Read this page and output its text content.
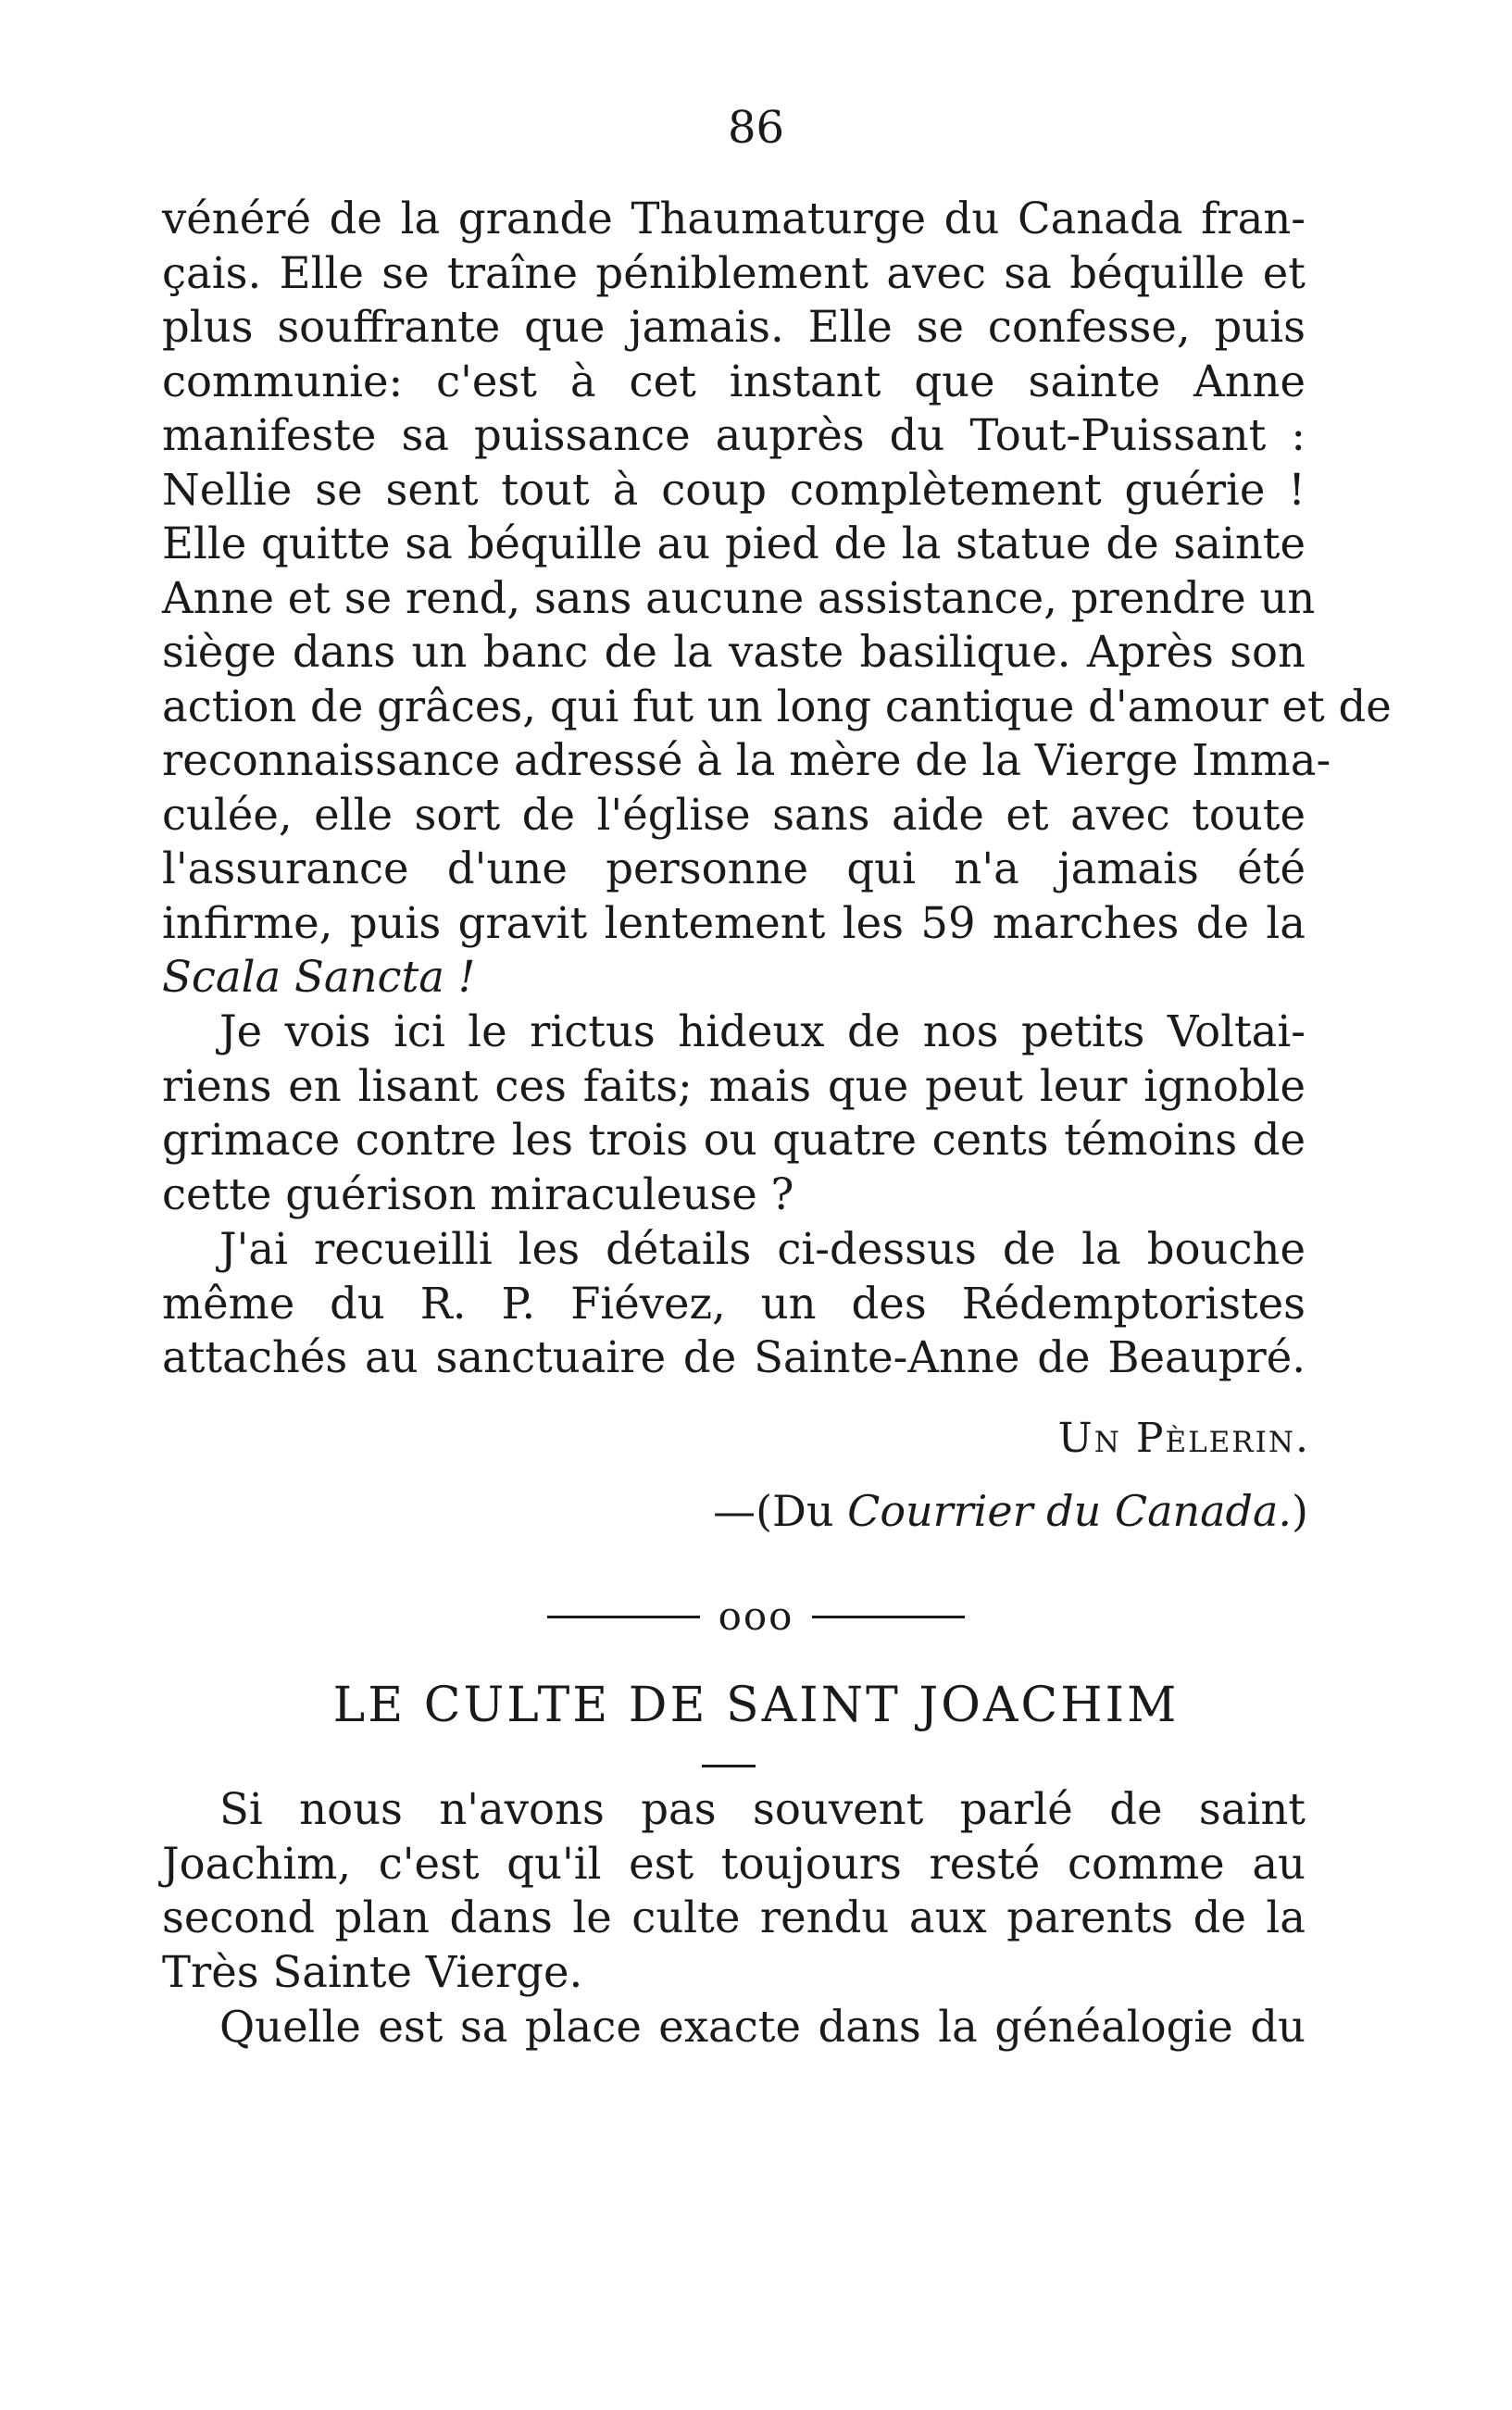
86
vénéré de la grande Thaumaturge du Canada fran-
çais. Elle se traîne péniblement avec sa béquille et
plus souffrante que jamais. Elle se confesse, puis
communie: c'est à cet instant que sainte Anne
manifeste sa puissance auprès du Tout-Puissant :
Nellie se sent tout à coup complètement guérie !
Elle quitte sa béquille au pied de la statue de sainte
Anne et se rend, sans aucune assistance, prendre un
siège dans un banc de la vaste basilique. Après son
action de grâces, qui fut un long cantique d'amour et de
reconnaissance adressé à la mère de la Vierge Imma-
culée, elle sort de l'église sans aide et avec toute
l'assurance d'une personne qui n'a jamais été
infirme, puis gravit lentement les 59 marches de la
Scala Sancta !
Je vois ici le rictus hideux de nos petits Voltai-
riens en lisant ces faits; mais que peut leur ignoble
grimace contre les trois ou quatre cents témoins de
cette guérison miraculeuse ?
J'ai recueilli les détails ci-dessus de la bouche
même du R. P. Fiévez, un des Rédemptoristes
attachés au sanctuaire de Sainte-Anne de Beaupré.
Un Pèlerin.
—(Du Courrier du Canada.)
ooo
LE CULTE DE SAINT JOACHIM
Si nous n'avons pas souvent parlé de saint
Joachim, c'est qu'il est toujours resté comme au
second plan dans le culte rendu aux parents de la
Très Sainte Vierge.
Quelle est sa place exacte dans la généalogie du
